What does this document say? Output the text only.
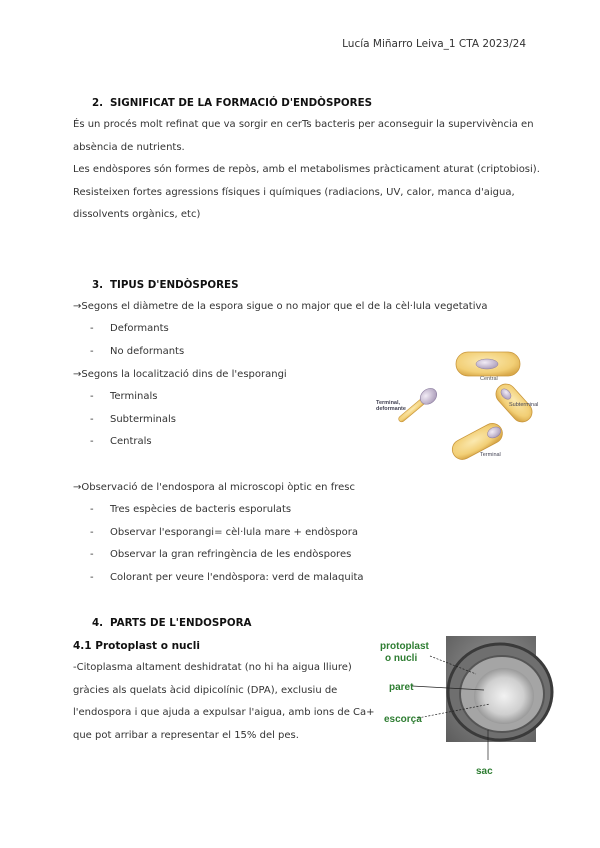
Lucía Miñarro Leiva_1 CTA 2023/24
2. SIGNIFICAT DE LA FORMACIÓ D'ENDÒSPORES
És un procés molt refinat que va sorgir en cerTs bacteris per aconseguir la supervivència en
absència de nutrients.
Les endòspores són formes de repòs, amb el metabolismes pràcticament aturat (criptobiosi).
Resisteixen fortes agressions físiques i químiques (radiacions, UV, calor, manca d'aigua,
dissolvents orgànics, etc)
3. TIPUS D'ENDÒSPORES
→Segons el diàmetre de la espora sigue o no major que el de la cèl·lula vegetativa
- Deformants
- No deformants
→Segons la localització dins de l'esporangi
- Terminals
- Subterminals
- Centrals
Central
Terminal,
deformante
Subterminal
Terminal
→Observació de l'endospora al microscopi òptic en fresc
- Tres espècies de bacteris esporulats
- Observar l'esporangi= cèl·lula mare + endòspora
- Observar la gran refringència de les endòspores
- Colorant per veure l'endòspora: verd de malaquita
4. PARTS DE L'ENDOSPORA
4.1 Protoplast o nucli
-Citoplasma altament deshidratat (no hi ha aigua lliure)
gràcies als quelats àcid dipicolínic (DPA), exclusiu de
l'endospora i que ajuda a expulsar l'aigua, amb ions de Ca+
que pot arribar a representar el 15% del pes.
protoplast
o nucli
paret
escorça
sac
